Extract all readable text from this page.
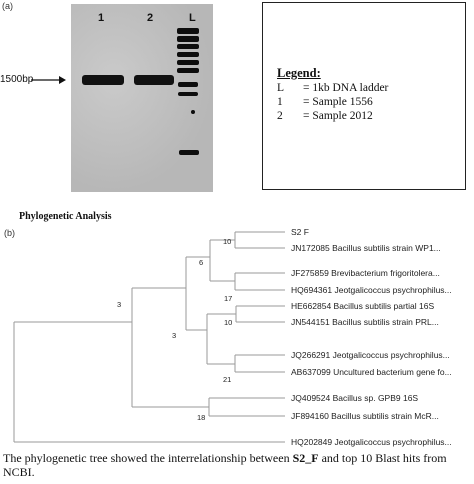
(a)
1	2	L
1500bp	Legend:
L = 1kb DNA ladder
1 = Sample 1556
2 = Sample 2012
Phylogenetic Analysis
(b)	S2 F
JN172085 Bacillus subtilis strain WP1...
JF275859 Brevibacterium frigoritolera...
HQ694361 Jeotgalicoccus psychrophilus...
HE662854 Bacillus subtilis partial 16S
JN544151 Bacillus subtilis strain PRL...
JQ266291 Jeotgalicoccus psychrophilus...
AB637099 Uncultured bacterium gene fo...
JQ409524 Bacillus sp. GPB9 16S
JF894160 Bacillus subtilis strain McR...
HQ202849 Jeotgalicoccus psychrophilus...
10
6
17
3
10
3
21
18
The phylogenetic tree showed the interrelationship between S2_F and top 10 Blast hits from NCBI.
